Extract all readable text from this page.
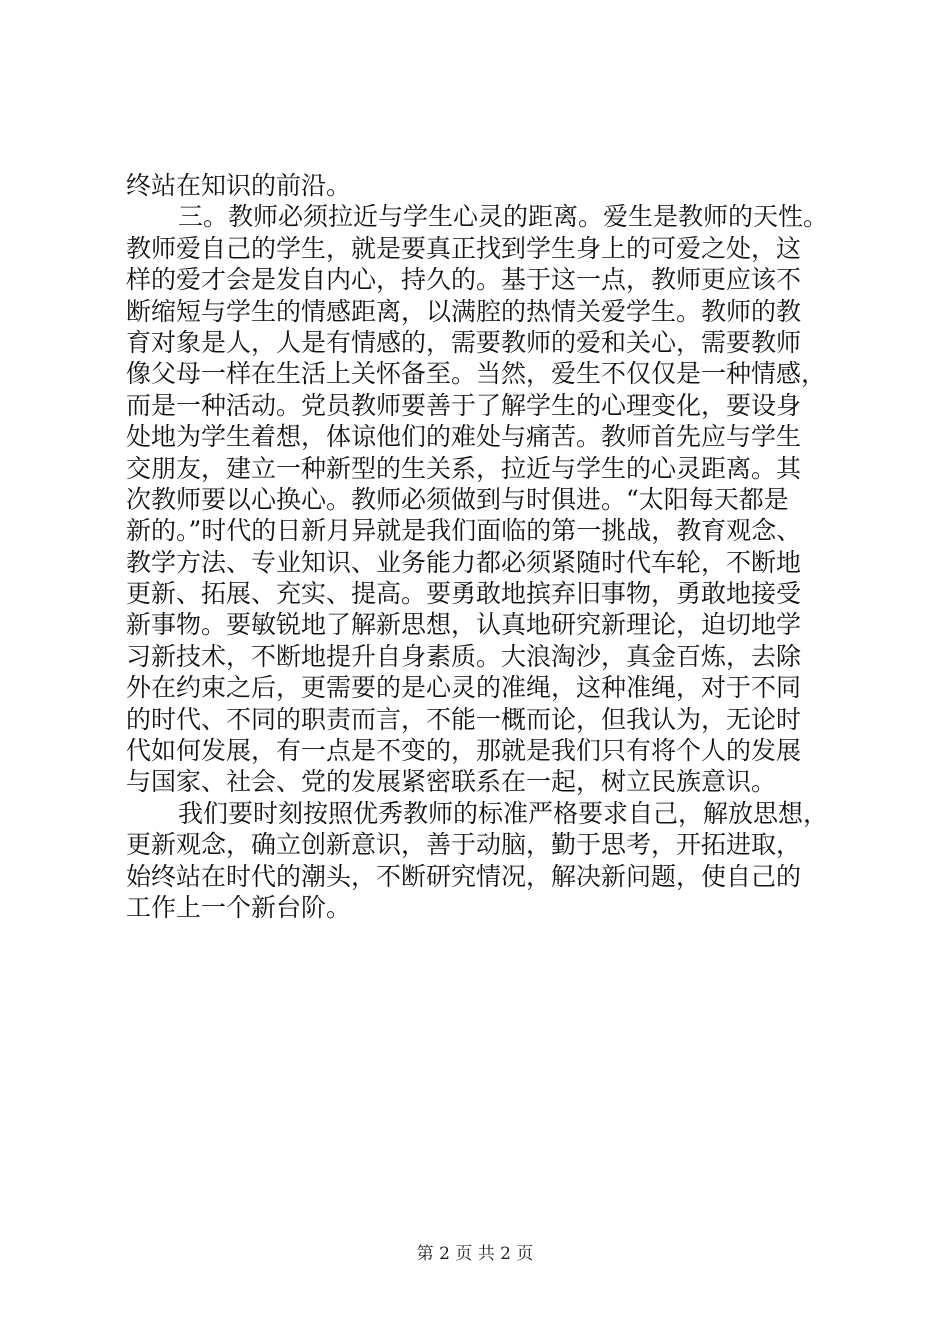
终站在知识的前沿。
三。教师必须拉近与学生心灵的距离。爱生是教师的天性。
教师爱自己的学生，就是要真正找到学生身上的可爱之处，这
样的爱才会是发自内心，持久的。基于这一点，教师更应该不
断缩短与学生的情感距离，以满腔的热情关爱学生。教师的教
育对象是人，人是有情感的，需要教师的爱和关心，需要教师
像父母一样在生活上关怀备至。当然，爱生不仅仅是一种情感，
而是一种活动。党员教师要善于了解学生的心理变化，要设身
处地为学生着想，体谅他们的难处与痛苦。教师首先应与学生
交朋友，建立一种新型的生关系，拉近与学生的心灵距离。其
次教师要以心换心。教师必须做到与时俱进。“太阳每天都是
新的。”时代的日新月异就是我们面临的第一挑战，教育观念、
教学方法、专业知识、业务能力都必须紧随时代车轮，不断地
更新、拓展、充实、提高。要勇敢地摈弃旧事物，勇敢地接受
新事物。要敏锐地了解新思想，认真地研究新理论，迫切地学
习新技术，不断地提升自身素质。大浪淘沙，真金百炼，去除
外在约束之后，更需要的是心灵的准绳，这种准绳，对于不同
的时代、不同的职责而言，不能一概而论，但我认为，无论时
代如何发展，有一点是不变的，那就是我们只有将个人的发展
与国家、社会、党的发展紧密联系在一起，树立民族意识。
我们要时刻按照优秀教师的标准严格要求自己，解放思想，
更新观念，确立创新意识，善于动脑，勤于思考，开拓进取，
始终站在时代的潮头，不断研究情况，解决新问题，使自己的
工作上一个新台阶。
第 2 页 共 2 页
